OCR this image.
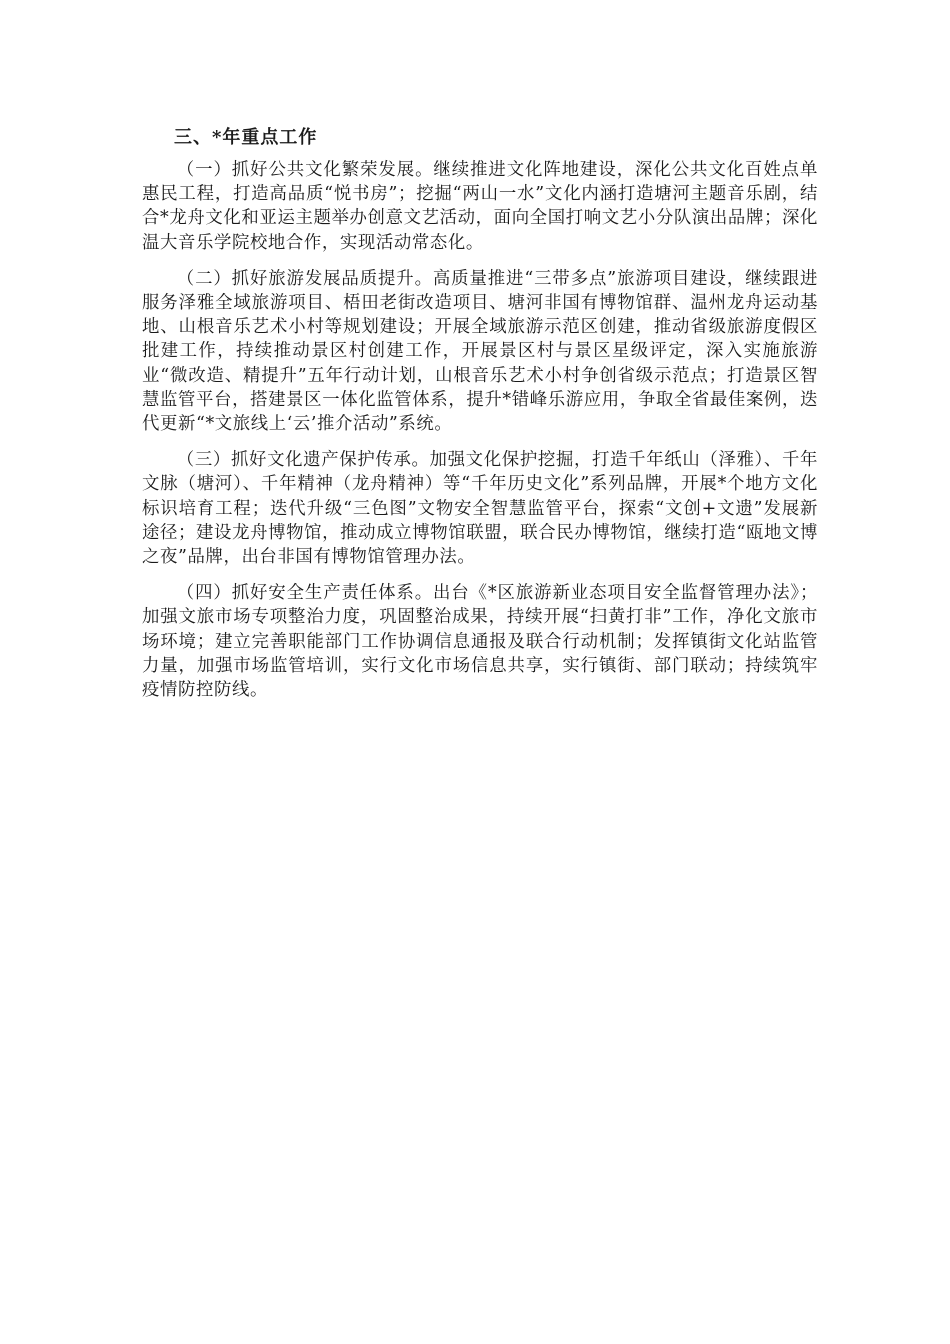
三、*年重点工作

（一）抓好公共文化繁荣发展。继续推进文化阵地建设，深化公共文化百姓点单惠民工程，打造高品质“悦书房”；挖掘“两山一水”文化内涵打造塘河主题音乐剧，结合*龙舟文化和亚运主题举办创意文艺活动，面向全国打响文艺小分队演出品牌；深化温大音乐学院校地合作，实现活动常态化。

（二）抓好旅游发展品质提升。高质量推进“三带多点”旅游项目建设，继续跟进服务泽雅全域旅游项目、梧田老街改造项目、塘河非国有博物馆群、温州龙舟运动基地、山根音乐艺术小村等规划建设；开展全域旅游示范区创建，推动省级旅游度假区批建工作，持续推动景区村创建工作，开展景区村与景区星级评定，深入实施旅游业“微改造、精提升”五年行动计划，山根音乐艺术小村争创省级示范点；打造景区智慧监管平台，搭建景区一体化监管体系，提升*错峰乐游应用，争取全省最佳案例，迭代更新“*文旅线上‘云’推介活动”系统。

（三）抓好文化遗产保护传承。加强文化保护挖掘，打造千年纸山（泽雅）、千年文脉（塘河）、千年精神（龙舟精神）等“千年历史文化”系列品牌，开展*个地方文化标识培育工程；迭代升级“三色图”文物安全智慧监管平台，探索“文创+文遗”发展新途径；建设龙舟博物馆，推动成立博物馆联盟，联合民办博物馆，继续打造“瓯地文博之夜”品牌，出台非国有博物馆管理办法。

（四）抓好安全生产责任体系。出台《*区旅游新业态项目安全监督管理办法》；加强文旅市场专项整治力度，巩固整治成果，持续开展“扫黄打非”工作，净化文旅市场环境；建立完善职能部门工作协调信息通报及联合行动机制；发挥镇街文化站监管力量，加强市场监管培训，实行文化市场信息共享，实行镇街、部门联动；持续筑牢疫情防控防线。
